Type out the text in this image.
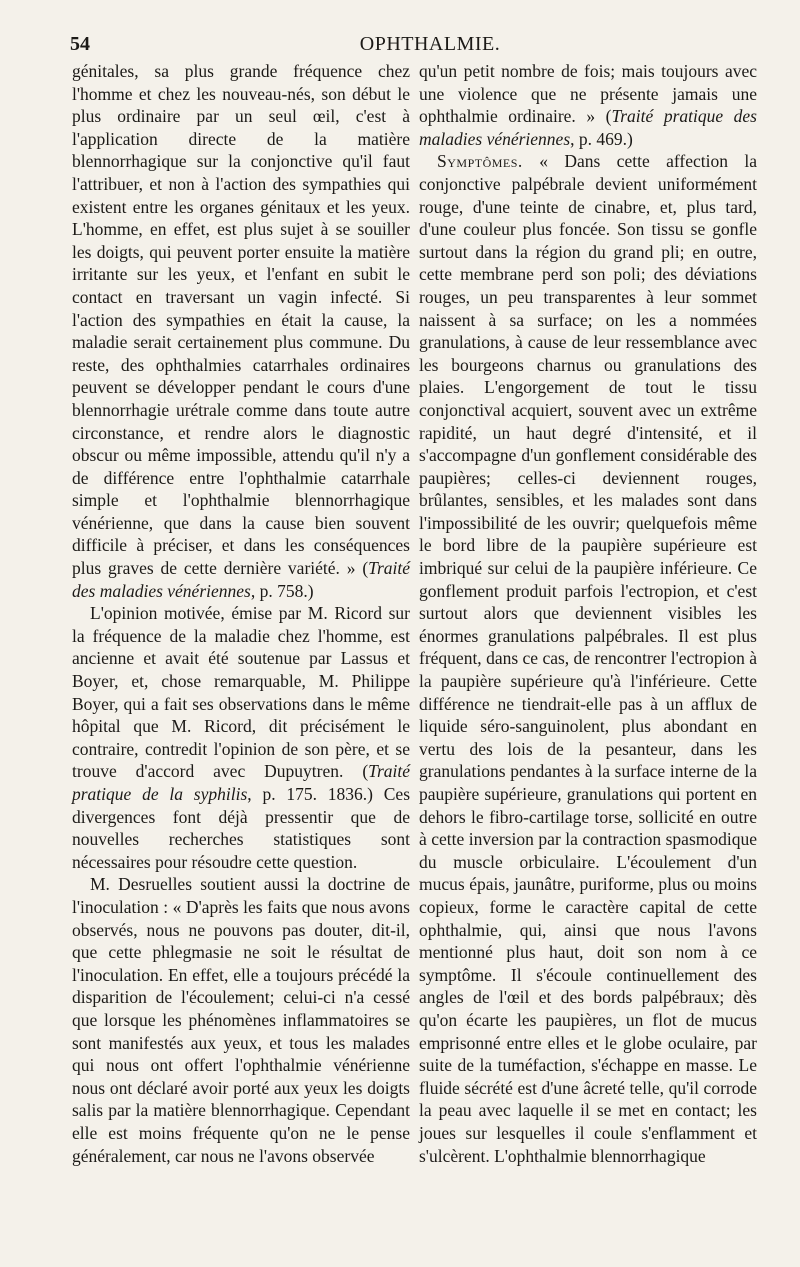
54	OPHTHALMIE.

génitales, sa plus grande fréquence chez l'homme et chez les nouveau-nés, son début le plus ordinaire par un seul œil, c'est à l'application directe de la matière blennorrhagique sur la conjonctive qu'il faut l'attribuer, et non à l'action des sympathies qui existent entre les organes génitaux et les yeux. L'homme, en effet, est plus sujet à se souiller les doigts, qui peuvent porter ensuite la matière irritante sur les yeux, et l'enfant en subit le contact en traversant un vagin infecté. Si l'action des sympathies en était la cause, la maladie serait certainement plus commune. Du reste, des ophthalmies catarrhales ordinaires peuvent se développer pendant le cours d'une blennorrhagie urétrale comme dans toute autre circonstance, et rendre alors le diagnostic obscur ou même impossible, attendu qu'il n'y a de différence entre l'ophthalmie catarrhale simple et l'ophthalmie blennorrhagique vénérienne, que dans la cause bien souvent difficile à préciser, et dans les conséquences plus graves de cette dernière variété. » (Traité des maladies vénériennes, p. 758.)

L'opinion motivée, émise par M. Ricord sur la fréquence de la maladie chez l'homme, est ancienne et avait été soutenue par Lassus et Boyer, et, chose remarquable, M. Philippe Boyer, qui a fait ses observations dans le même hôpital que M. Ricord, dit précisément le contraire, contredit l'opinion de son père, et se trouve d'accord avec Dupuytren. (Traité pratique de la syphilis, p. 175. 1836.) Ces divergences font déjà pressentir que de nouvelles recherches statistiques sont nécessaires pour résoudre cette question.

M. Desruelles soutient aussi la doctrine de l'inoculation : « D'après les faits que nous avons observés, nous ne pouvons pas douter, dit-il, que cette phlegmasie ne soit le résultat de l'inoculation. En effet, elle a toujours précédé la disparition de l'écoulement; celui-ci n'a cessé que lorsque les phénomènes inflammatoires se sont manifestés aux yeux, et tous les malades qui nous ont offert l'ophthalmie vénérienne nous ont déclaré avoir porté aux yeux les doigts salis par la matière blennorrhagique. Cependant elle est moins fréquente qu'on ne le pense généralement, car nous ne l'avons observée

qu'un petit nombre de fois; mais toujours avec une violence que ne présente jamais une ophthalmie ordinaire. » (Traité pratique des maladies vénériennes, p. 469.)

Symptômes. « Dans cette affection la conjonctive palpébrale devient uniformément rouge, d'une teinte de cinabre, et, plus tard, d'une couleur plus foncée. Son tissu se gonfle surtout dans la région du grand pli; en outre, cette membrane perd son poli; des déviations rouges, un peu transparentes à leur sommet naissent à sa surface; on les a nommées granulations, à cause de leur ressemblance avec les bourgeons charnus ou granulations des plaies. L'engorgement de tout le tissu conjonctival acquiert, souvent avec un extrême rapidité, un haut degré d'intensité, et il s'accompagne d'un gonflement considérable des paupières; celles-ci deviennent rouges, brûlantes, sensibles, et les malades sont dans l'impossibilité de les ouvrir; quelquefois même le bord libre de la paupière supérieure est imbriqué sur celui de la paupière inférieure. Ce gonflement produit parfois l'ectropion, et c'est surtout alors que deviennent visibles les énormes granulations palpébrales. Il est plus fréquent, dans ce cas, de rencontrer l'ectropion à la paupière supérieure qu'à l'inférieure. Cette différence ne tiendrait-elle pas à un afflux de liquide séro-sanguinolent, plus abondant en vertu des lois de la pesanteur, dans les granulations pendantes à la surface interne de la paupière supérieure, granulations qui portent en dehors le fibro-cartilage torse, sollicité en outre à cette inversion par la contraction spasmodique du muscle orbiculaire. L'écoulement d'un mucus épais, jaunâtre, puriforme, plus ou moins copieux, forme le caractère capital de cette ophthalmie, qui, ainsi que nous l'avons mentionné plus haut, doit son nom à ce symptôme. Il s'écoule continuellement des angles de l'œil et des bords palpébraux; dès qu'on écarte les paupières, un flot de mucus emprisonné entre elles et le globe oculaire, par suite de la tuméfaction, s'échappe en masse. Le fluide sécrété est d'une âcreté telle, qu'il corrode la peau avec laquelle il se met en contact; les joues sur lesquelles il coule s'enflamment et s'ulcèrent. L'ophthalmie blennorrhagique
